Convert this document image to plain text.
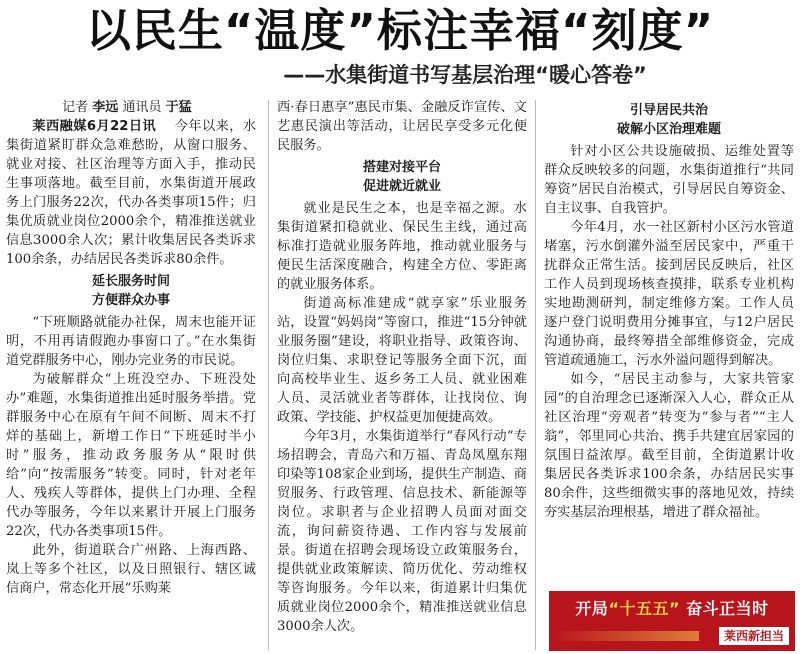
以民生“温度”标注幸福“刻度”
——水集街道书写基层治理“暖心答卷”

记者 李远 通讯员 于猛

莱西融媒6月22日讯 今年以来，水集街道紧盯群众急难愁盼，从窗口服务、就业对接、社区治理等方面入手，推动民生事项落地。截至目前，水集街道开展政务上门服务22次，代办各类事项15件；归集优质就业岗位2000余个，精准推送就业信息3000余人次；累计收集居民各类诉求100余条，办结居民各类诉求80余件。

延长服务时间
方便群众办事

“下班顺路就能办社保，周末也能开证明，不用再请假跑办事窗口了。”在水集街道党群服务中心，刚办完业务的市民说。

为破解群众“上班没空办、下班没处办”难题，水集街道推出延时服务举措。党群服务中心在原有午间不间断、周末不打烊的基础上，新增工作日“下班延时半小时”服务，推动政务服务从“限时供给”向“按需服务”转变。同时，针对老年人、残疾人等群体，提供上门办理、全程代办等服务，今年以来累计开展上门服务22次，代办各类事项15件。

此外，街道联合广州路、上海西路、岚上等多个社区，以及日照银行、辖区诚信商户，常态化开展“乐购莱

西·春日惠享”惠民市集、金融反诈宣传、文艺惠民演出等活动，让居民享受多元化便民服务。

搭建对接平台
促进就近就业

就业是民生之本，也是幸福之源。水集街道紧扣稳就业、保民生主线，通过高标准打造就业服务阵地，推动就业服务与便民生活深度融合，构建全方位、零距离的就业服务体系。

街道高标准建成“就享家”乐业服务站，设置“妈妈岗”等窗口，推进“15分钟就业服务圈”建设，将职业指导、政策咨询、岗位归集、求职登记等服务全面下沉，面向高校毕业生、返乡务工人员、就业困难人员、灵活就业者等群体，让找岗位、询政策、学技能、护权益更加便捷高效。

今年3月，水集街道举行“春风行动”专场招聘会，青岛六和万福、青岛凤凰东翔印染等108家企业到场，提供生产制造、商贸服务、行政管理、信息技术、新能源等岗位。求职者与企业招聘人员面对面交流，询问薪资待遇、工作内容与发展前景。街道在招聘会现场设立政策服务台，提供就业政策解读、简历优化、劳动维权等咨询服务。今年以来，街道累计归集优质就业岗位2000余个，精准推送就业信息3000余人次。

引导居民共治
破解小区治理难题

针对小区公共设施破损、运维处置等群众反映较多的问题，水集街道推行“共同筹资”居民自治模式，引导居民自筹资金、自主议事、自我管护。

今年4月，水一社区新村小区污水管道堵塞，污水倒灌外溢至居民家中，严重干扰群众正常生活。接到居民反映后，社区工作人员到现场核查摸排，联系专业机构实地勘测研判，制定维修方案。工作人员逐户登门说明费用分摊事宜，与12户居民沟通协商，最终筹措全部维修资金，完成管道疏通施工，污水外溢问题得到解决。

如今，“居民主动参与，大家共管家园”的自治理念已逐渐深入人心，群众正从社区治理“旁观者”转变为“参与者”“主人翁”，邻里同心共治、携手共建宜居家园的氛围日益浓厚。截至目前，全街道累计收集居民各类诉求100余条，办结居民实事80余件，这些细微实事的落地见效，持续夯实基层治理根基，增进了群众福祉。

开局“十五五” 奋斗正当时
莱西新担当
